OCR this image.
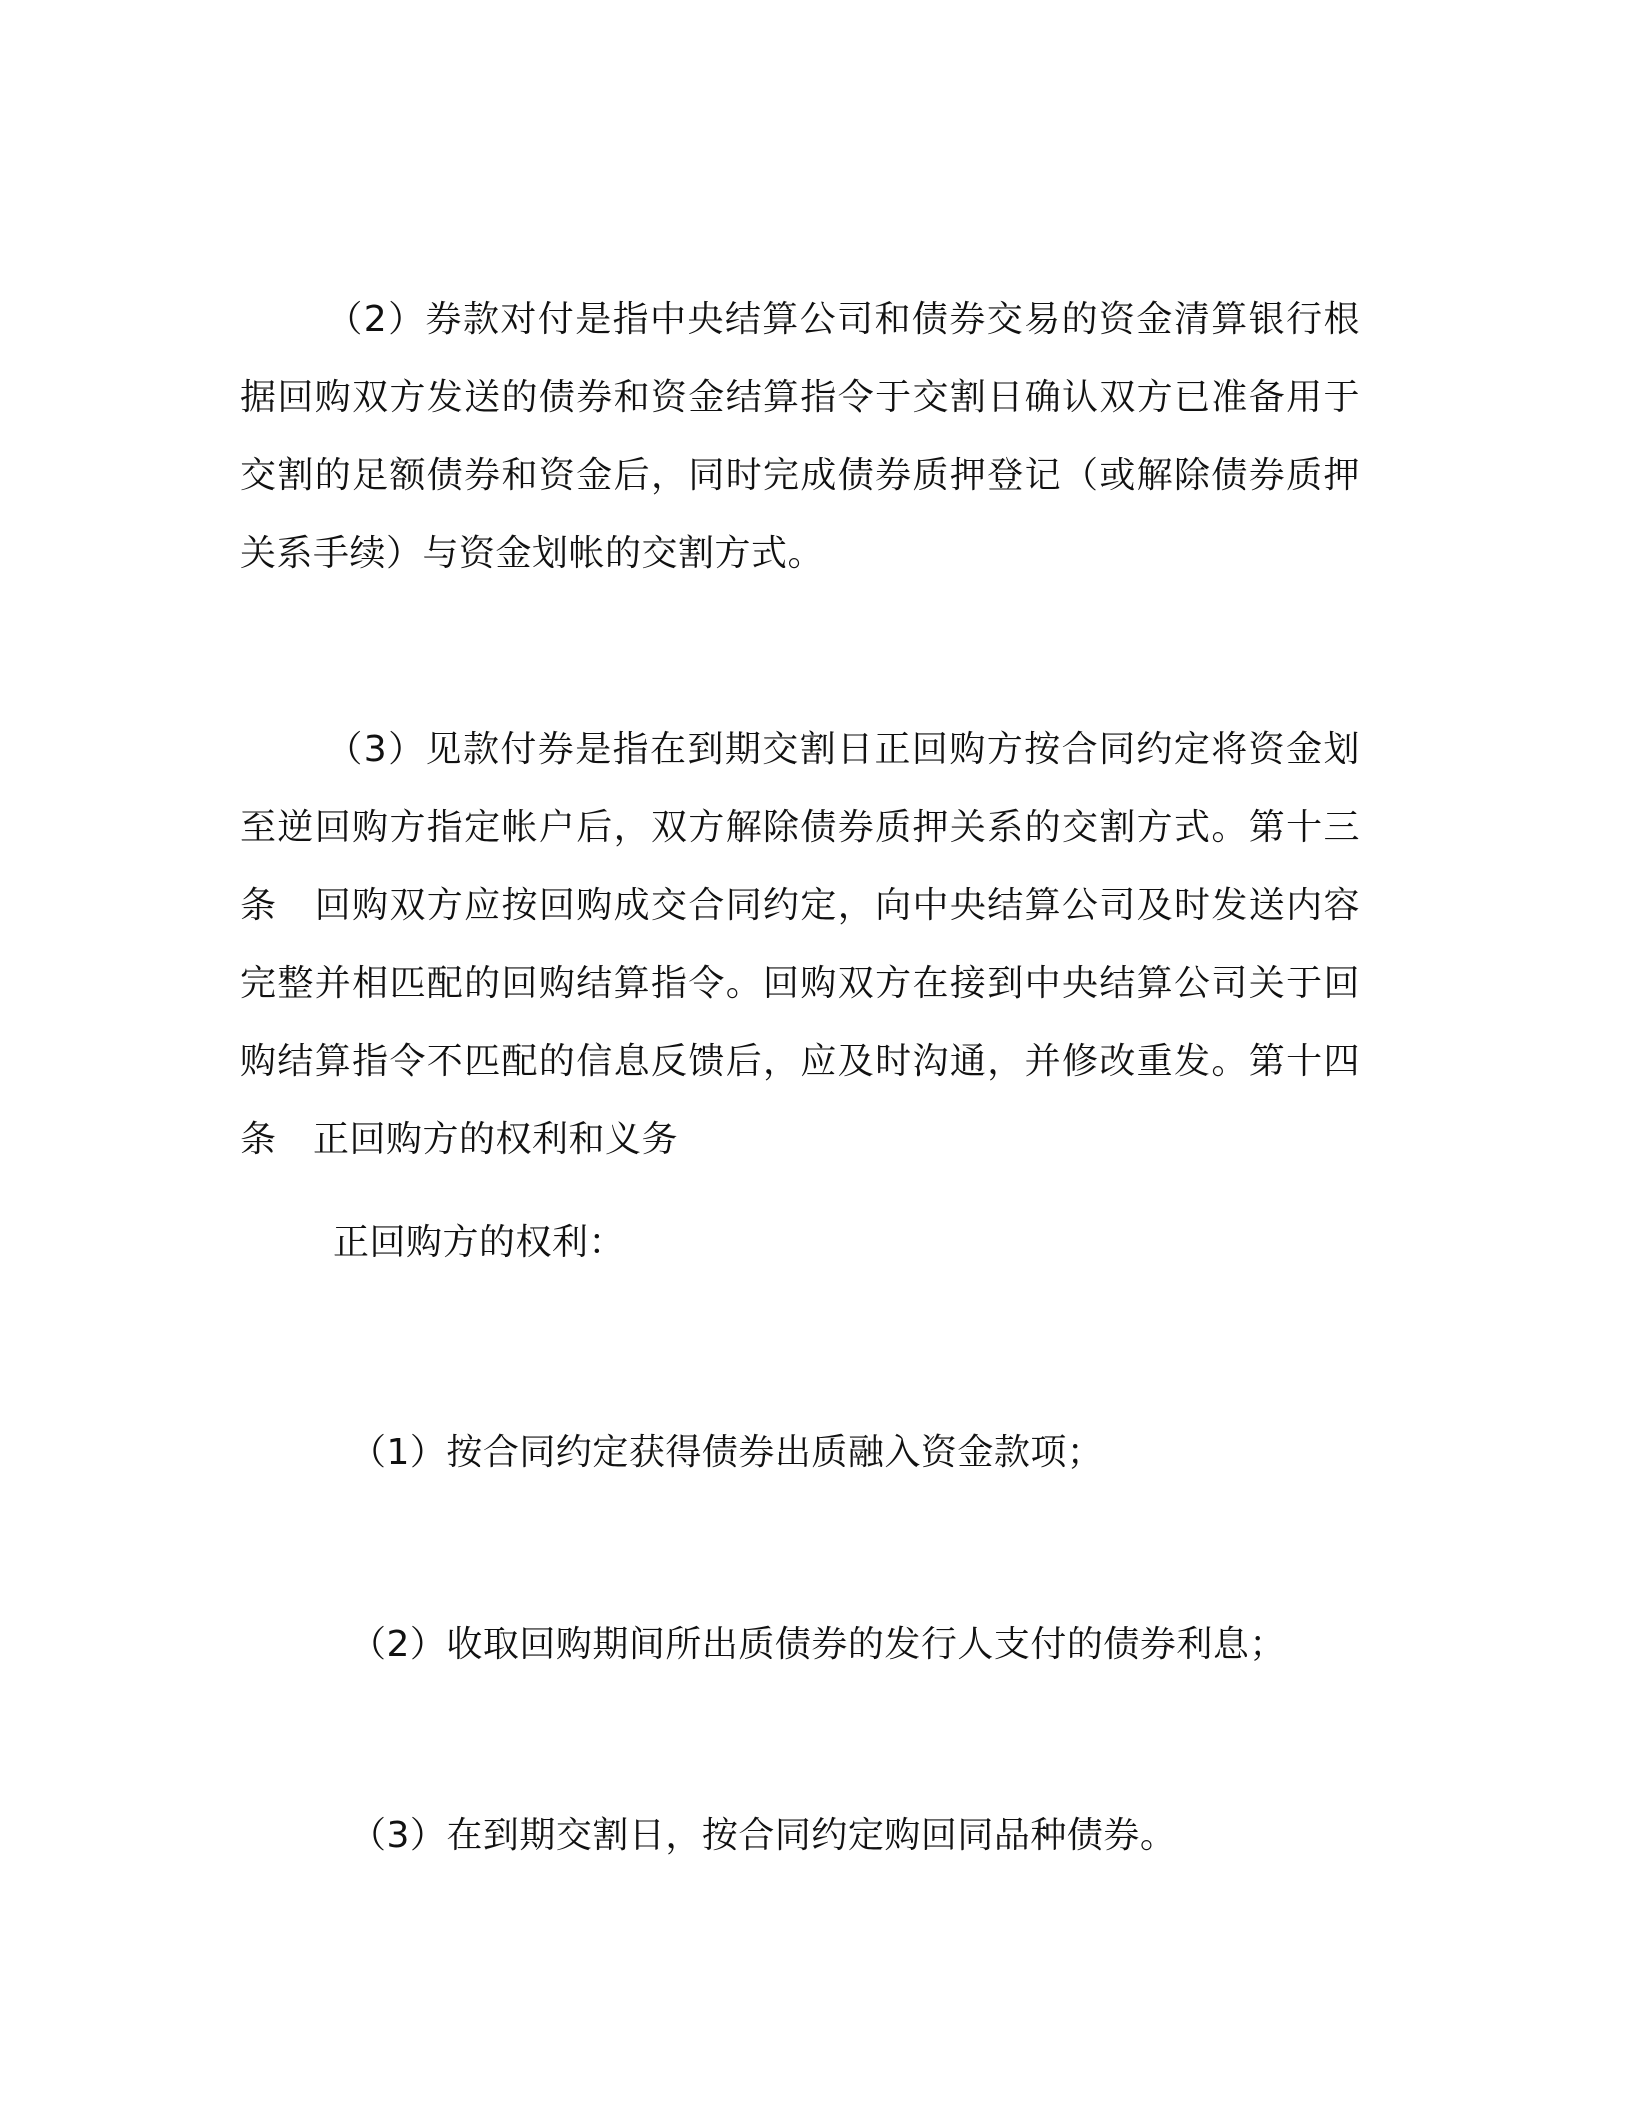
（2）券款对付是指中央结算公司和债券交易的资金清算银行根据回购双方发送的债券和资金结算指令于交割日确认双方已准备用于交割的足额债券和资金后，同时完成债券质押登记（或解除债券质押关系手续）与资金划帐的交割方式。

（3）见款付券是指在到期交割日正回购方按合同约定将资金划至逆回购方指定帐户后，双方解除债券质押关系的交割方式。第十三条　回购双方应按回购成交合同约定，向中央结算公司及时发送内容完整并相匹配的回购结算指令。回购双方在接到中央结算公司关于回购结算指令不匹配的信息反馈后，应及时沟通，并修改重发。第十四条　正回购方的权利和义务

正回购方的权利：

（1）按合同约定获得债券出质融入资金款项；

（2）收取回购期间所出质债券的发行人支付的债券利息；

（3）在到期交割日，按合同约定购回同品种债券。
